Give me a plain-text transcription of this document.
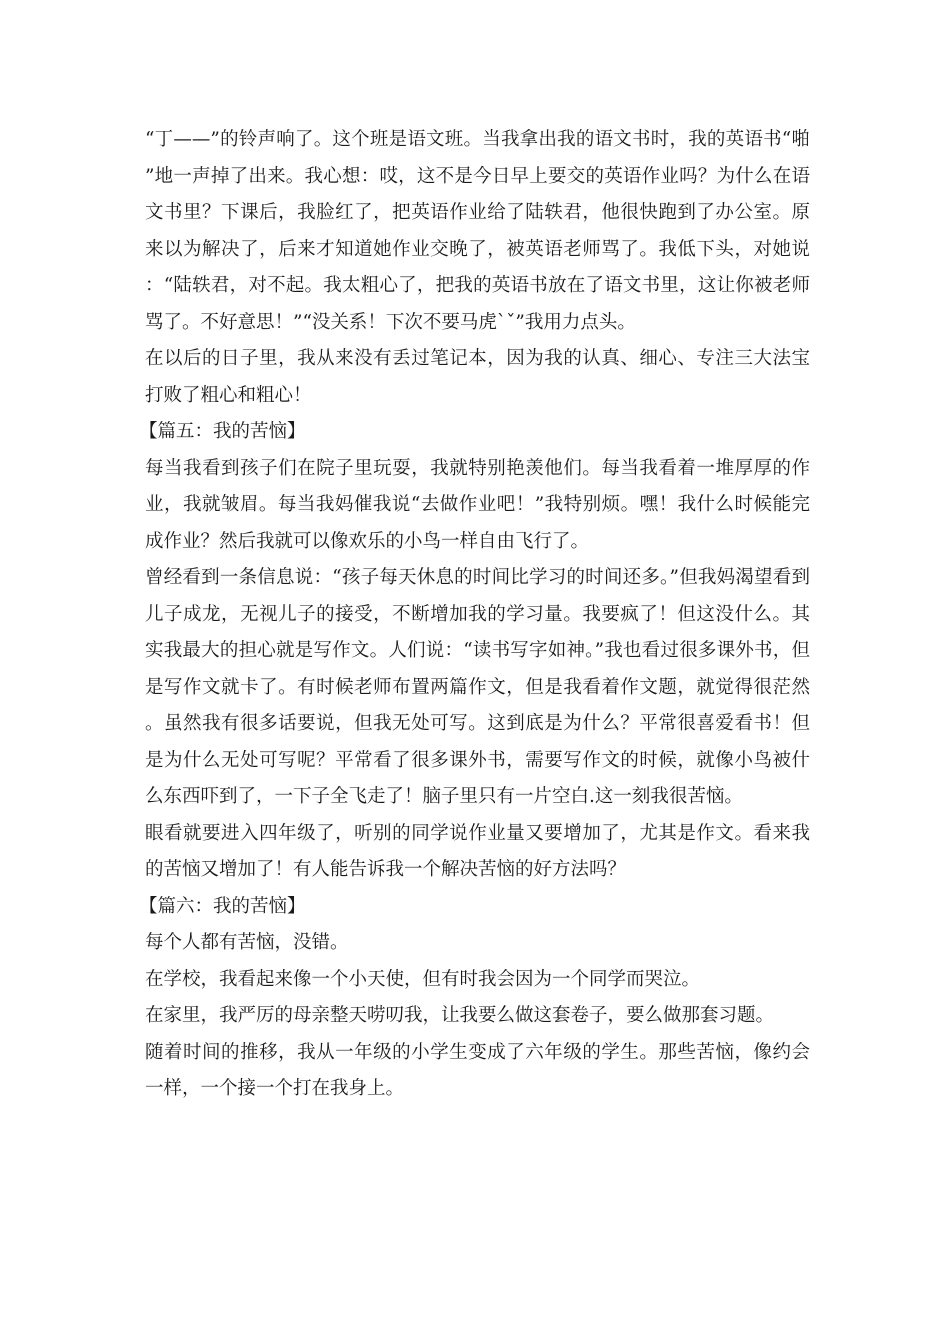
“丁——”的铃声响了。这个班是语文班。当我拿出我的语文书时，我的英语书“啪”地一声掉了出来。我心想：哎，这不是今日早上要交的英语作业吗？为什么在语文书里？下课后，我脸红了，把英语作业给了陆轶君，他很快跑到了办公室。原来以为解决了，后来才知道她作业交晚了，被英语老师骂了。我低下头，对她说：“陆轶君，对不起。我太粗心了，把我的英语书放在了语文书里，这让你被老师骂了。不好意思！”“没关系！下次不要马虎ˋˇ”我用力点头。

在以后的日子里，我从来没有丢过笔记本，因为我的认真、细心、专注三大法宝打败了粗心和粗心！

【篇五：我的苦恼】

每当我看到孩子们在院子里玩耍，我就特别艳羡他们。每当我看着一堆厚厚的作业，我就皱眉。每当我妈催我说“去做作业吧！”我特别烦。嘿！我什么时候能完成作业？然后我就可以像欢乐的小鸟一样自由飞行了。

曾经看到一条信息说：“孩子每天休息的时间比学习的时间还多。”但我妈渴望看到儿子成龙，无视儿子的接受，不断增加我的学习量。我要疯了！但这没什么。其实我最大的担心就是写作文。人们说：“读书写字如神。”我也看过很多课外书，但是写作文就卡了。有时候老师布置两篇作文，但是我看着作文题，就觉得很茫然。虽然我有很多话要说，但我无处可写。这到底是为什么？平常很喜爱看书！但是为什么无处可写呢？平常看了很多课外书，需要写作文的时候，就像小鸟被什么东西吓到了，一下子全飞走了！脑子里只有一片空白.这一刻我很苦恼。

眼看就要进入四年级了，听别的同学说作业量又要增加了，尤其是作文。看来我的苦恼又增加了！有人能告诉我一个解决苦恼的好方法吗？

【篇六：我的苦恼】

每个人都有苦恼，没错。

在学校，我看起来像一个小天使，但有时我会因为一个同学而哭泣。

在家里，我严厉的母亲整天唠叨我，让我要么做这套卷子，要么做那套习题。

随着时间的推移，我从一年级的小学生变成了六年级的学生。那些苦恼，像约会一样，一个接一个打在我身上。
